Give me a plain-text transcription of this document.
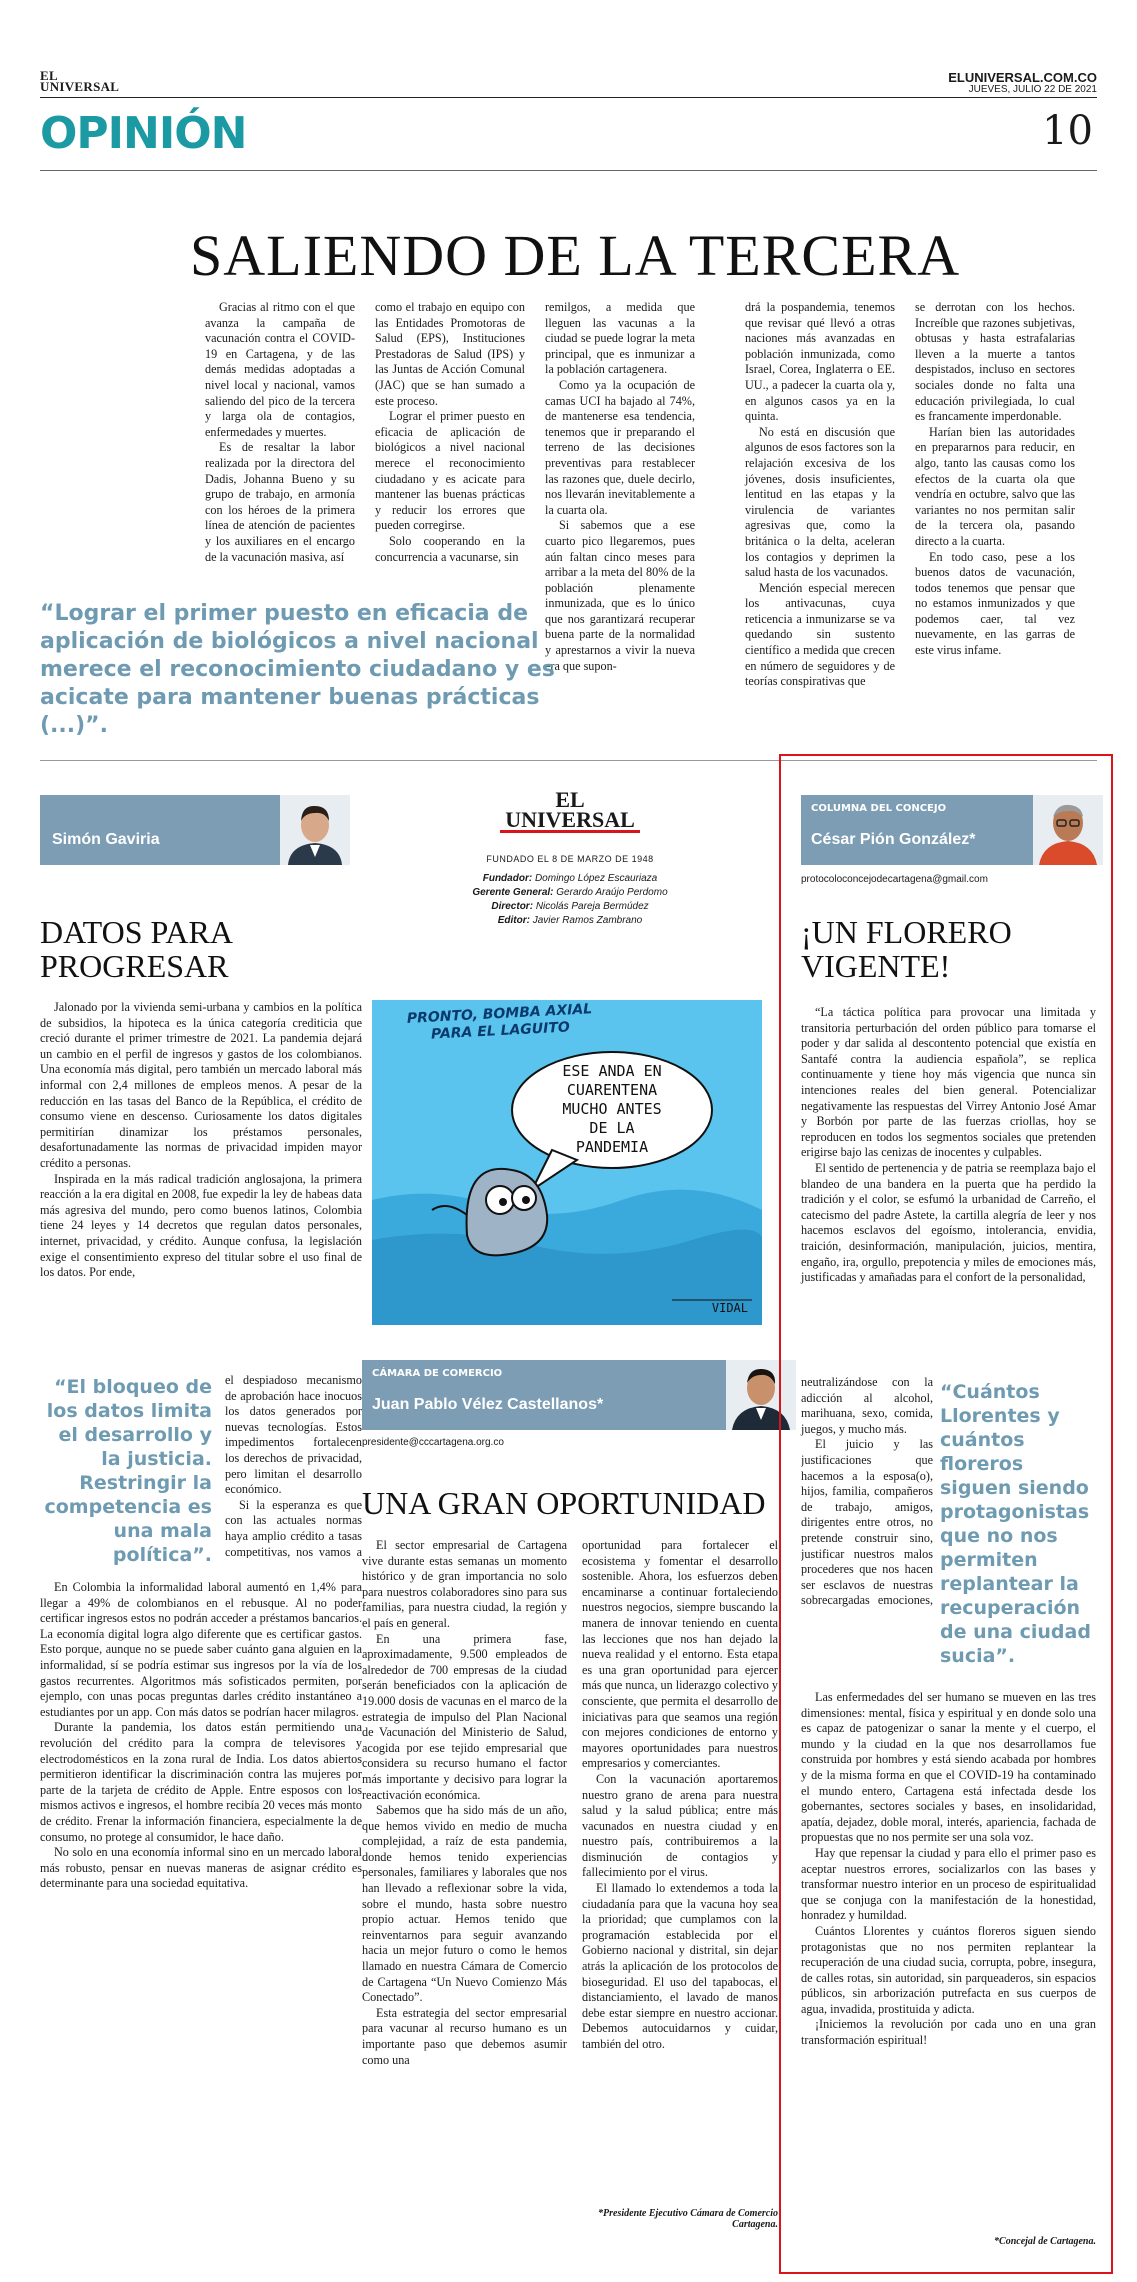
EL
UNIVERSAL
ELUNIVERSAL.COM.CO
JUEVES, JULIO 22 DE 2021
OPINIÓN	10
SALIENDO DE LA TERCERA

Gracias al ritmo con el que avanza la campaña de vacunación contra el COVID-19 en Cartagena, y de las demás medidas adoptadas a nivel local y nacional, vamos saliendo del pico de la tercera y larga ola de contagios, enfermedades y muertes.

Es de resaltar la labor realizada por la directora del Dadis, Johanna Bueno y su grupo de trabajo, en armonía con los héroes de la primera línea de atención de pacientes y los auxiliares en el encargo de la vacunación masiva, así

como el trabajo en equipo con las Entidades Promotoras de Salud (EPS), Instituciones Prestadoras de Salud (IPS) y las Juntas de Acción Comunal (JAC) que se han sumado a este proceso.

Lograr el primer puesto en eficacia de aplicación de biológicos a nivel nacional merece el reconocimiento ciudadano y es acicate para mantener las buenas prácticas y reducir los errores que pueden corregirse.

Solo cooperando en la concurrencia a vacunarse, sin

remilgos, a medida que lleguen las vacunas a la ciudad se puede lograr la meta principal, que es inmunizar a la población cartagenera.

Como ya la ocupación de camas UCI ha bajado al 74%, de mantenerse esa tendencia, tenemos que ir preparando el terreno de las decisiones preventivas para restablecer las razones que, duele decirlo, nos llevarán inevitablemente a la cuarta ola.

Si sabemos que a ese cuarto pico llegaremos, pues aún faltan cinco meses para arribar a la meta del 80% de la población plenamente inmunizada, que es lo único que nos garantizará recuperar buena parte de la normalidad y aprestarnos a vivir la nueva era que supon-

drá la pospandemia, tenemos que revisar qué llevó a otras naciones más avanzadas en población inmunizada, como Israel, Corea, Inglaterra o EE. UU., a padecer la cuarta ola y, en algunos casos ya en la quinta.

No está en discusión que algunos de esos factores son la relajación excesiva de los jóvenes, dosis insuficientes, lentitud en las etapas y la virulencia de variantes agresivas que, como la británica o la delta, aceleran los contagios y deprimen la salud hasta de los vacunados.

Mención especial merecen los antivacunas, cuya reticencia a inmunizarse se va quedando sin sustento científico a medida que crecen en número de seguidores y de teorías conspirativas que

se derrotan con los hechos. Increíble que razones subjetivas, obtusas y hasta estrafalarias lleven a la muerte a tantos despistados, incluso en sectores sociales donde no falta una educación privilegiada, lo cual es francamente imperdonable.

Harían bien las autoridades en prepararnos para reducir, en algo, tanto las causas como los efectos de la cuarta ola que vendría en octubre, salvo que las variantes no nos permitan salir de la tercera ola, pasando directo a la cuarta.

En todo caso, pese a los buenos datos de vacunación, todos tenemos que pensar que no estamos inmunizados y que podemos caer, tal vez nuevamente, en las garras de este virus infame.

“Lograr el primer puesto en eficacia de aplicación de biológicos a nivel nacional merece el reconocimiento ciudadano y es acicate para mantener buenas prácticas (...)”.
Simón Gaviria
DATOS PARA
PROGRESAR

Jalonado por la vivienda semi-urbana y cambios en la política de subsidios, la hipoteca es la única categoría crediticia que creció durante el primer trimestre de 2021. La pandemia dejará un cambio en el perfil de ingresos y gastos de los colombianos. Una economía más digital, pero también un mercado laboral más informal con 2,4 millones de empleos menos. A pesar de la reducción en las tasas del Banco de la República, el crédito de consumo viene en descenso. Curiosamente los datos digitales permitirían dinamizar los préstamos personales, desafortunadamente las normas de privacidad impiden mayor crédito a personas.

Inspirada en la más radical tradición anglosajona, la primera reacción a la era digital en 2008, fue expedir la ley de habeas data más agresiva del mundo, pero como buenos latinos, Colombia tiene 24 leyes y 14 decretos que regulan datos personales, internet, privacidad, y crédito. Aunque confusa, la legislación exige el consentimiento expreso del titular sobre el uso final de los datos. Por ende,

el despiadoso mecanismo de aprobación hace inocuos los datos generados por nuevas tecnologías. Estos impedimentos fortalecen los derechos de privacidad, pero limitan el desarrollo económico.

Si la esperanza es que con las actuales normas haya amplio crédito a tasas competitivas, nos vamos a

En Colombia la informalidad laboral aumentó en 1,4% para llegar a 49% de colombianos en el rebusque. Al no poder certificar ingresos estos no podrán acceder a préstamos bancarios. La economía digital logra algo diferente que es certificar gastos. Esto porque, aunque no se puede saber cuánto gana alguien en la informalidad, sí se podría estimar sus ingresos por la vía de los gastos recurrentes. Algoritmos más sofisticados permiten, por ejemplo, con unas pocas preguntas darles crédito instantáneo a estudiantes por un app. Con más datos se podrían hacer milagros.

Durante la pandemia, los datos están permitiendo una revolución del crédito para la compra de televisores y electrodomésticos en la zona rural de India. Los datos abiertos permitieron identificar la discriminación contra las mujeres por parte de la tarjeta de crédito de Apple. Entre esposos con los mismos activos e ingresos, el hombre recibía 20 veces más monto de crédito. Frenar la información financiera, especialmente la de consumo, no protege al consumidor, le hace daño.

No solo en una economía informal sino en un mercado laboral más robusto, pensar en nuevas maneras de asignar crédito es determinante para una sociedad equitativa.

“El bloqueo de los datos limita el desarrollo y la justicia. Restringir la competencia es una mala política”.
EL
UNIVERSAL
FUNDADO EL 8 DE MARZO DE 1948
Fundador: Domingo López Escauriaza
Gerente General: Gerardo Araújo Perdomo
Director: Nicolás Pareja Bermúdez
Editor: Javier Ramos Zambrano
PRONTO, BOMBA AXIAL PARA EL LAGUITO
ESE ANDA EN
CUARENTENA
MUCHO ANTES
DE LA
PANDEMIA
VIDAL
CÁMARA DE COMERCIO
Juan Pablo Vélez Castellanos*
presidente@cccartagena.org.co
UNA GRAN OPORTUNIDAD

El sector empresarial de Cartagena vive durante estas semanas un momento histórico y de gran importancia no solo para nuestros colaboradores sino para sus familias, para nuestra ciudad, la región y el país en general.

En una primera fase, aproximadamente, 9.500 empleados de alrededor de 700 empresas de la ciudad serán beneficiados con la aplicación de 19.000 dosis de vacunas en el marco de la estrategia de impulso del Plan Nacional de Vacunación del Ministerio de Salud, acogida por ese tejido empresarial que considera su recurso humano el factor más importante y decisivo para lograr la reactivación económica.

Sabemos que ha sido más de un año, que hemos vivido en medio de mucha complejidad, a raíz de esta pandemia, donde hemos tenido experiencias personales, familiares y laborales que nos han llevado a reflexionar sobre la vida, sobre el mundo, hasta sobre nuestro propio actuar. Hemos tenido que reinventarnos para seguir avanzando hacia un mejor futuro o como le hemos llamado en nuestra Cámara de Comercio de Cartagena “Un Nuevo Comienzo Más Conectado”.

Esta estrategia del sector empresarial para vacunar al recurso humano es un importante paso que debemos asumir como una

oportunidad para fortalecer el ecosistema y fomentar el desarrollo sostenible. Ahora, los esfuerzos deben encaminarse a continuar fortaleciendo nuestros negocios, siempre buscando la manera de innovar teniendo en cuenta las lecciones que nos han dejado la nueva realidad y el entorno. Esta etapa es una gran oportunidad para ejercer más que nunca, un liderazgo colectivo y consciente, que permita el desarrollo de iniciativas para que seamos una región con mejores condiciones de entorno y mayores oportunidades para nuestros empresarios y comerciantes.

Con la vacunación aportaremos nuestro grano de arena para nuestra salud y la salud pública; entre más vacunados en nuestra ciudad y en nuestro país, contribuiremos a la disminución de contagios y fallecimiento por el virus.

El llamado lo extendemos a toda la ciudadanía para que la vacuna hoy sea la prioridad; que cumplamos con la programación establecida por el Gobierno nacional y distrital, sin dejar atrás la aplicación de los protocolos de bioseguridad. El uso del tapabocas, el distanciamiento, el lavado de manos debe estar siempre en nuestro accionar. Debemos autocuidarnos y cuidar, también del otro.

*Presidente Ejecutivo Cámara de Comercio Cartagena.
COLUMNA DEL CONCEJO
César Pión González*
protocoloconcejodecartagena@gmail.com
¡UN FLORERO
VIGENTE!

“La táctica política para provocar una limitada y transitoria perturbación del orden público para tomarse el poder y dar salida al descontento potencial que existía en Santafé contra la audiencia española”, se replica continuamente y tiene hoy más vigencia que nunca sin intenciones reales del bien general. Potencializar negativamente las respuestas del Virrey Antonio José Amar y Borbón por parte de las fuerzas criollas, hoy se reproducen en todos los segmentos sociales que pretenden erigirse bajo las cenizas de inocentes y culpables.

El sentido de pertenencia y de patria se reemplaza bajo el blandeo de una bandera en la puerta que ha perdido la tradición y el color, se esfumó la urbanidad de Carreño, el catecismo del padre Astete, la cartilla alegría de leer y nos hacemos esclavos del egoísmo, intolerancia, envidia, traición, desinformación, manipulación, juicios, mentira, engaño, ira, orgullo, prepotencia y miles de emociones más, justificadas y amañadas para el confort de la personalidad,

neutralizándose con la adicción al alcohol, marihuana, sexo, comida, juegos, y mucho más.

El juicio y las justificaciones que hacemos a la esposa(o), hijos, familia, compañeros de trabajo, amigos, dirigentes entre otros, no pretende construir sino, justificar nuestros malos procederes que nos hacen ser esclavos de nuestras sobrecargadas emociones,

Las enfermedades del ser humano se mueven en las tres dimensiones: mental, física y espiritual y en donde solo una es capaz de patogenizar o sanar la mente y el cuerpo, el mundo y la ciudad en la que nos desarrollamos fue construida por hombres y está siendo acabada por hombres y de la misma forma en que el COVID-19 ha contaminado el mundo entero, Cartagena está infectada desde los gobernantes, sectores sociales y bases, en insolidaridad, apatía, dejadez, doble moral, interés, apariencia, fachada de propuestas que no nos permite ser una sola voz.

Hay que repensar la ciudad y para ello el primer paso es aceptar nuestros errores, socializarlos con las bases y transformar nuestro interior en un proceso de espiritualidad que se conjuga con la manifestación de la honestidad, honradez y humildad.

Cuántos Llorentes y cuántos floreros siguen siendo protagonistas que no nos permiten replantear la recuperación de una ciudad sucia, corrupta, pobre, insegura, de calles rotas, sin autoridad, sin parqueaderos, sin espacios públicos, sin arborización putrefacta en sus cuerpos de agua, invadida, prostituida y adicta.

¡Iniciemos la revolución por cada uno en una gran transformación espiritual!

“Cuántos Llorentes y cuántos floreros siguen siendo protagonistas que no nos permiten replantear la recuperación de una ciudad sucia”.
*Concejal de Cartagena.
